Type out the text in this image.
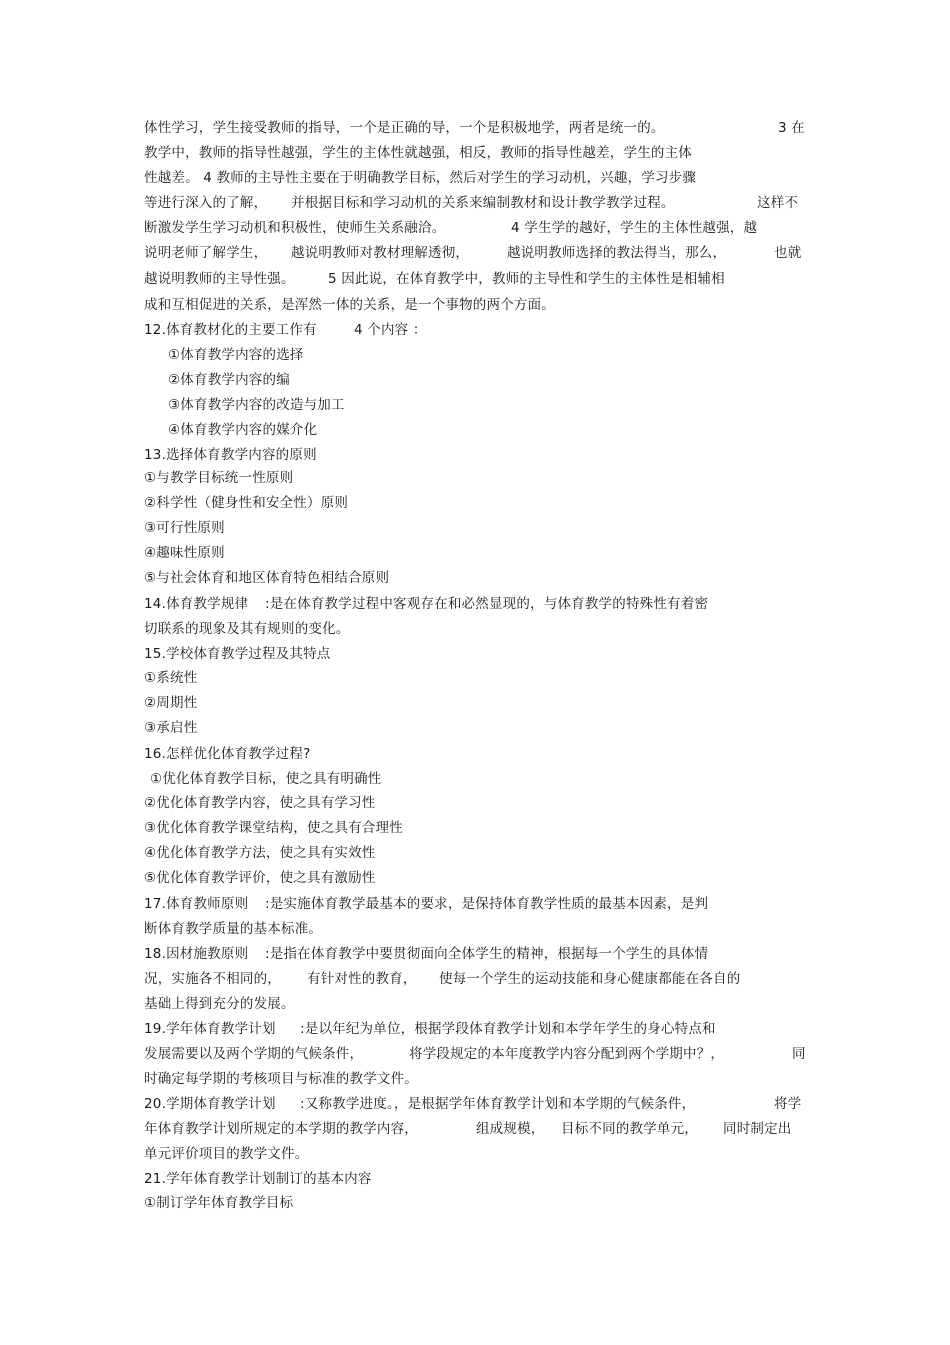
体性学习，学生接受教师的指导，一个是正确的导，一个是积极地学，两者是统一的。	3 在
教学中，教师的指导性越强，学生的主体性就越强，相反，教师的指导性越差，学生的主体
性越差。 4 教师的主导性主要在于明确教学目标，然后对学生的学习动机，兴趣，学习步骤
等进行深入的了解， 并根据目标和学习动机的关系来编制教材和设计教学教学过程。	这样不
断激发学生学习动机和积极性，使师生关系融洽。	4 学生学的越好，学生的主体性越强，越
说明老师了解学生， 越说明教师对教材理解透彻，	越说明教师选择的教法得当，那么，	也就
越说明教师的主导性强。 5 因此说，在体育教学中，教师的主导性和学生的主体性是相辅相
成和互相促进的关系，是浑然一体的关系，是一个事物的两个方面。
12.体育教材化的主要工作有	4 个内容 ：
①体育教学内容的选择
②体育教学内容的编
③体育教学内容的改造与加工
④体育教学内容的媒介化
13.选择体育教学内容的原则
①与教学目标统一性原则
②科学性（健身性和安全性）原则
③可行性原则
④趣味性原则
⑤与社会体育和地区体育特色相结合原则
14.体育教学规律 :是在体育教学过程中客观存在和必然显现的，与体育教学的特殊性有着密
切联系的现象及其有规则的变化。
15.学校体育教学过程及其特点
①系统性
②周期性
③承启性
16.怎样优化体育教学过程?
①优化体育教学目标，使之具有明确性
②优化体育教学内容，使之具有学习性
③优化体育教学课堂结构，使之具有合理性
④优化体育教学方法，使之具有实效性
⑤优化体育教学评价，使之具有激励性
17.体育教师原则 :是实施体育教学最基本的要求，是保持体育教学性质的最基本因素，是判
断体育教学质量的基本标准。
18.因材施教原则 :是指在体育教学中要贯彻面向全体学生的精神，根据每一个学生的具体情
况，实施各不相同的， 有针对性的教育， 使每一个学生的运动技能和身心健康都能在各自的
基础上得到充分的发展。
19.学年体育教学计划 :是以年纪为单位，根据学段体育教学计划和本学年学生的身心特点和
发展需要以及两个学期的气候条件，	将学段规定的本年度教学内容分配到两个学期中？，	同
时确定每学期的考核项目与标准的教学文件。
20.学期体育教学计划 :又称教学进度。，是根据学年体育教学计划和本学期的气候条件，	将学
年体育教学计划所规定的本学期的教学内容，	组成规模， 目标不同的教学单元， 同时制定出
单元评价项目的教学文件。
21.学年体育教学计划制订的基本内容
①制订学年体育教学目标
